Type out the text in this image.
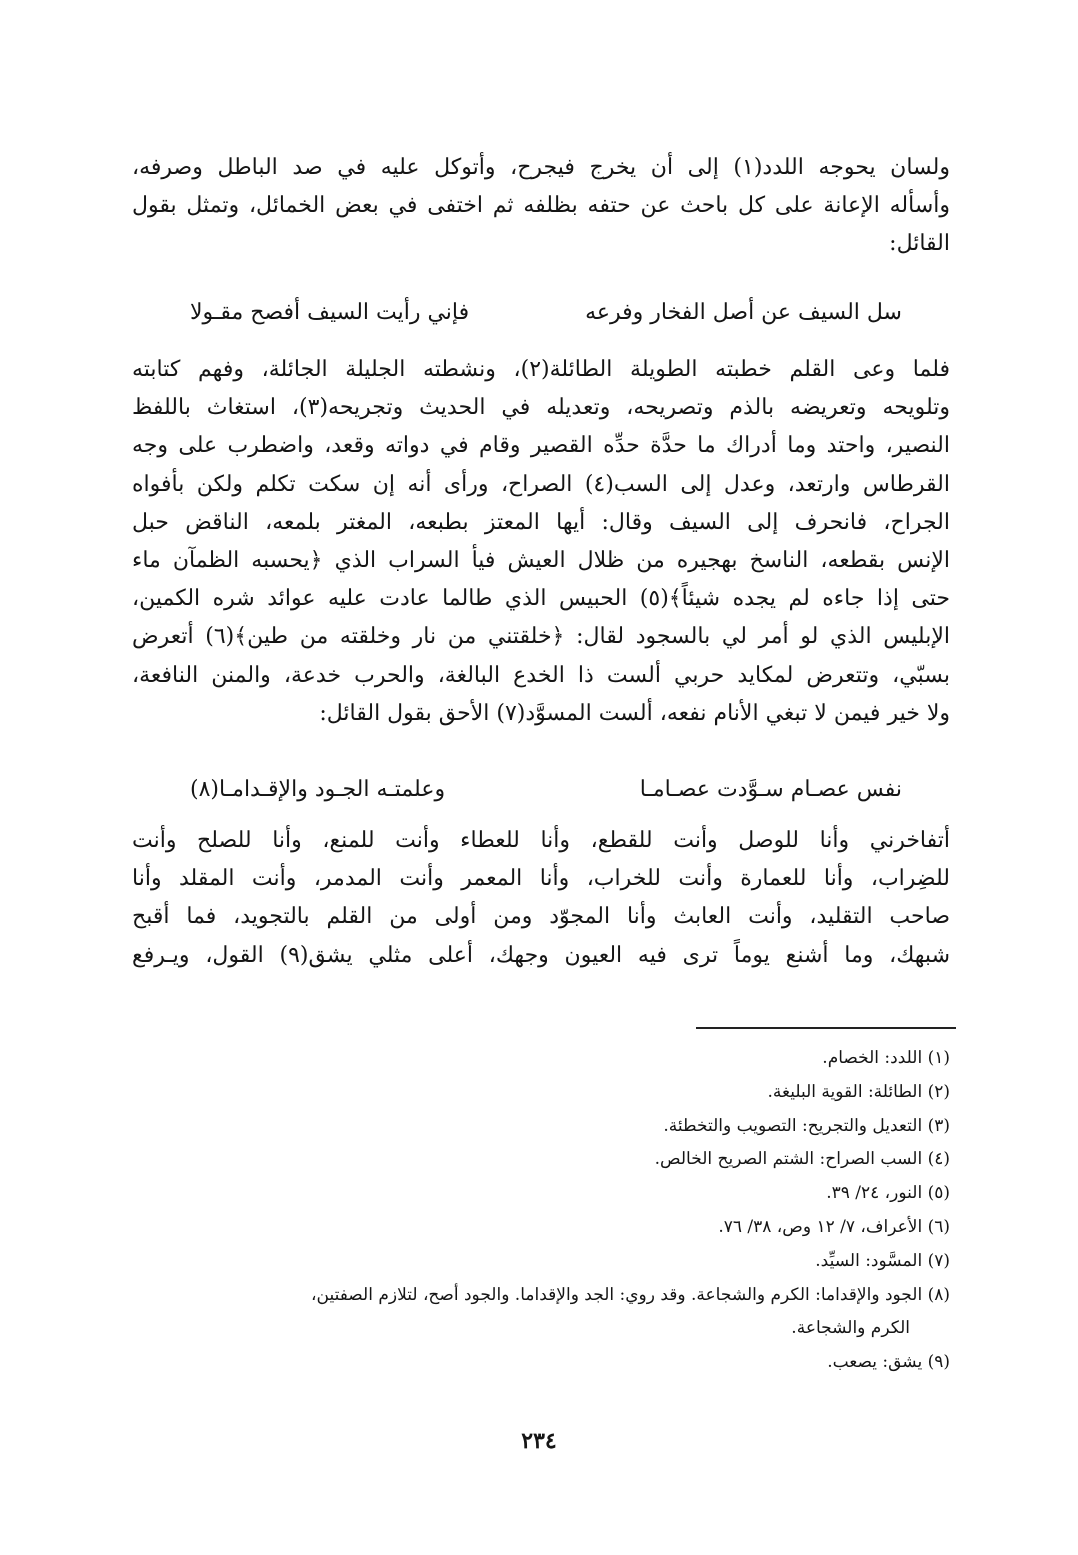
ولسان يحوجه اللدد(١) إلى أن يخرج فيجرح، وأتوكل عليه في صد الباطل وصرفه،
وأسأله الإعانة على كل باحث عن حتفه بظلفه ثم اختفى في بعض الخمائل، وتمثل بقول
القائل:
سل السيف عن أصل الفخار وفرعه
فإني رأيت السيف أفصح مقـولا
فلما وعى القلم خطبته الطويلة الطائلة(٢)، ونشطته الجليلة الجائلة، وفهم كتابته
وتلويحه وتعريضه بالذم وتصريحه، وتعديله في الحديث وتجريحه(٣)، استغاث باللفظ
النصير، واحتد وما أدراك ما حدَّة حدِّه القصير وقام في دواته وقعد، واضطرب على وجه
القرطاس وارتعد، وعدل إلى السب(٤) الصراح، ورأى أنه إن سكت تكلم ولكن بأفواه
الجراح، فانحرف إلى السيف وقال: أيها المعتز بطبعه، المغتر بلمعه، الناقض حبل
الإنس بقطعه، الناسخ بهجيره من ظلال العيش فيأ السراب الذي ﴿يحسبه الظمآن ماء
حتى إذا جاءه لم يجده شيئاً﴾(٥) الحبيس الذي طالما عادت عليه عوائد شره الكمين،
الإبليس الذي لو أمر لي بالسجود لقال: ﴿خلقتني من نار وخلقته من طين﴾(٦) أتعرض
بسبّي، وتتعرض لمكايد حربي ألست ذا الخدع البالغة، والحرب خدعة، والمنن النافعة،
ولا خير فيمن لا تبغي الأنام نفعه، ألست المسوَّد(٧) الأحق بقول القائل:
نفس عصـام سـوَّدت عصـامـا
وعلمتـه الجـود والإقـدامـا(٨)
أتفاخرني وأنا للوصل وأنت للقطع، وأنا للعطاء وأنت للمنع، وأنا للصلح وأنت
للضِراب، وأنا للعمارة وأنت للخراب، وأنا المعمر وأنت المدمر، وأنت المقلد وأنا
صاحب التقليد، وأنت العابث وأنا المجوّد ومن أولى من القلم بالتجويد، فما أقبح
شبهك، وما أشنع يوماً ترى فيه العيون وجهك، أعلى مثلي يشق(٩) القول، ويـرفع
(١) اللدد: الخصام.
(٢) الطائلة: القوية البليغة.
(٣) التعديل والتجريح: التصويب والتخطئة.
(٤) السب الصراح: الشتم الصريح الخالص.
(٥) النور، ٢٤/ ٣٩.
(٦) الأعراف، ٧/ ١٢ وص، ٣٨/ ٧٦.
(٧) المسَّود: السيِّد.
(٨) الجود والإقداما: الكرم والشجاعة. وقد روي: الجد والإقداما. والجود أصح، لتلازم الصفتين،
الكرم والشجاعة.
(٩) يشق: يصعب.
٢٣٤
